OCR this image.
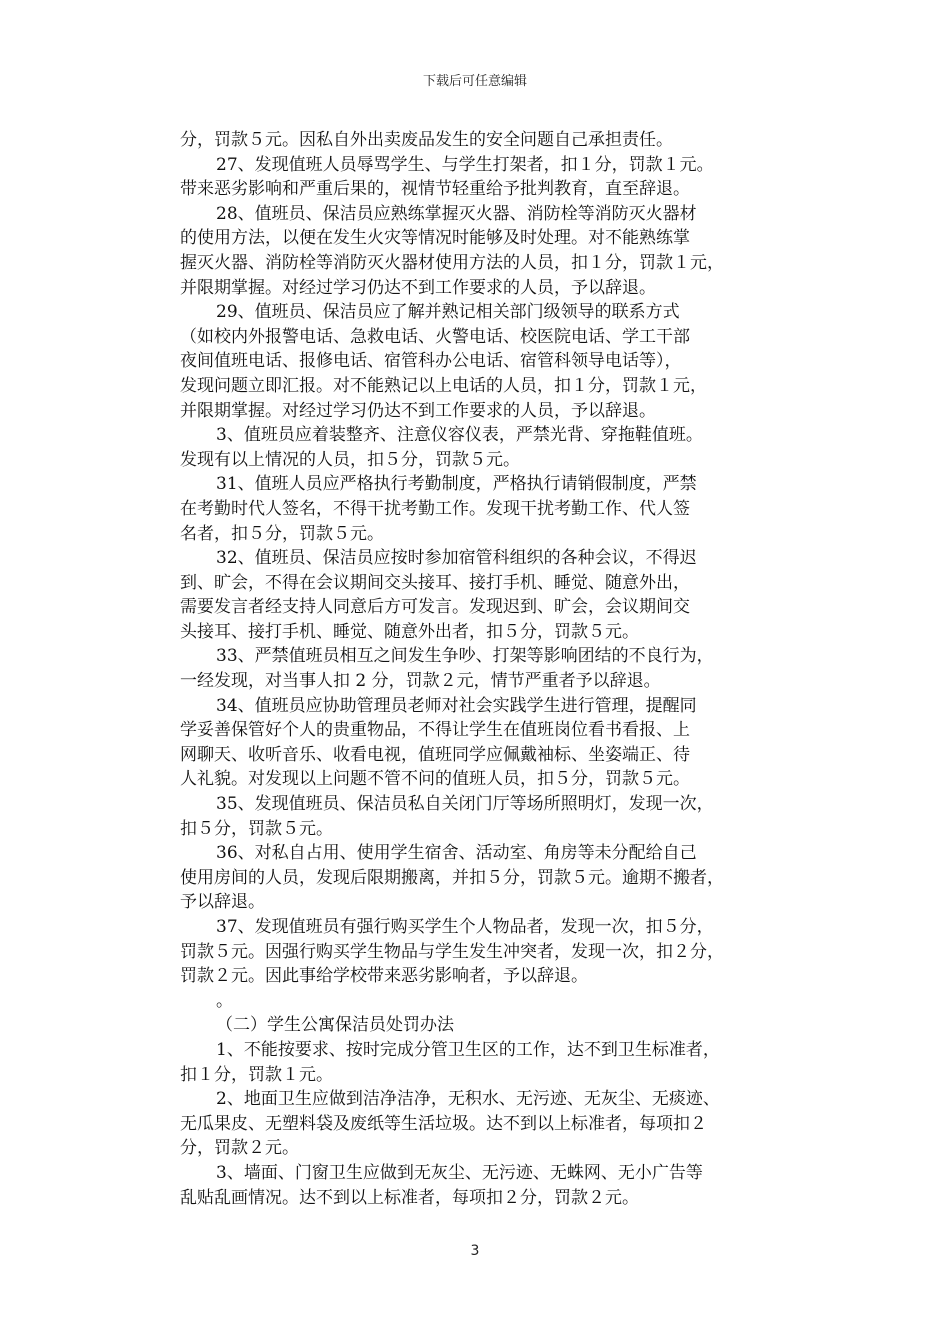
下载后可任意编辑
分，罚款５元。因私自外出卖废品发生的安全问题自己承担责任。
27、发现值班人员辱骂学生、与学生打架者，扣１分，罚款１元。
带来恶劣影响和严重后果的，视情节轻重给予批判教育，直至辞退。
28、值班员、保洁员应熟练掌握灭火器、消防栓等消防灭火器材
的使用方法，以便在发生火灾等情况时能够及时处理。对不能熟练掌
握灭火器、消防栓等消防灭火器材使用方法的人员，扣１分，罚款１元，
并限期掌握。对经过学习仍达不到工作要求的人员，予以辞退。
29、值班员、保洁员应了解并熟记相关部门级领导的联系方式
（如校内外报警电话、急救电话、火警电话、校医院电话、学工干部
夜间值班电话、报修电话、宿管科办公电话、宿管科领导电话等），
发现问题立即汇报。对不能熟记以上电话的人员，扣１分，罚款１元，
并限期掌握。对经过学习仍达不到工作要求的人员，予以辞退。
3、值班员应着装整齐、注意仪容仪表，严禁光背、穿拖鞋值班。
发现有以上情况的人员，扣５分，罚款５元。
31、值班人员应严格执行考勤制度，严格执行请销假制度，严禁
在考勤时代人签名，不得干扰考勤工作。发现干扰考勤工作、代人签
名者，扣５分，罚款５元。
32、值班员、保洁员应按时参加宿管科组织的各种会议，不得迟
到、旷会，不得在会议期间交头接耳、接打手机、睡觉、随意外出，
需要发言者经支持人同意后方可发言。发现迟到、旷会，会议期间交
头接耳、接打手机、睡觉、随意外出者，扣５分，罚款５元。
33、严禁值班员相互之间发生争吵、打架等影响团结的不良行为，
一经发现，对当事人扣 2 分，罚款２元，情节严重者予以辞退。
34、值班员应协助管理员老师对社会实践学生进行管理，提醒同
学妥善保管好个人的贵重物品，不得让学生在值班岗位看书看报、上
网聊天、收听音乐、收看电视，值班同学应佩戴袖标、坐姿端正、待
人礼貌。对发现以上问题不管不问的值班人员，扣５分，罚款５元。
35、发现值班员、保洁员私自关闭门厅等场所照明灯，发现一次，
扣５分，罚款５元。
36、对私自占用、使用学生宿舍、活动室、角房等未分配给自己
使用房间的人员，发现后限期搬离，并扣５分，罚款５元。逾期不搬者，
予以辞退。
37、发现值班员有强行购买学生个人物品者，发现一次，扣５分，
罚款５元。因强行购买学生物品与学生发生冲突者，发现一次，扣２分，
罚款２元。因此事给学校带来恶劣影响者，予以辞退。
。
（二）学生公寓保洁员处罚办法
1、不能按要求、按时完成分管卫生区的工作，达不到卫生标准者，
扣１分，罚款１元。
2、地面卫生应做到洁净洁净，无积水、无污迹、无灰尘、无痰迹、
无瓜果皮、无塑料袋及废纸等生活垃圾。达不到以上标准者，每项扣２
分，罚款２元。
3、墙面、门窗卫生应做到无灰尘、无污迹、无蛛网、无小广告等
乱贴乱画情况。达不到以上标准者，每项扣２分，罚款２元。
3
